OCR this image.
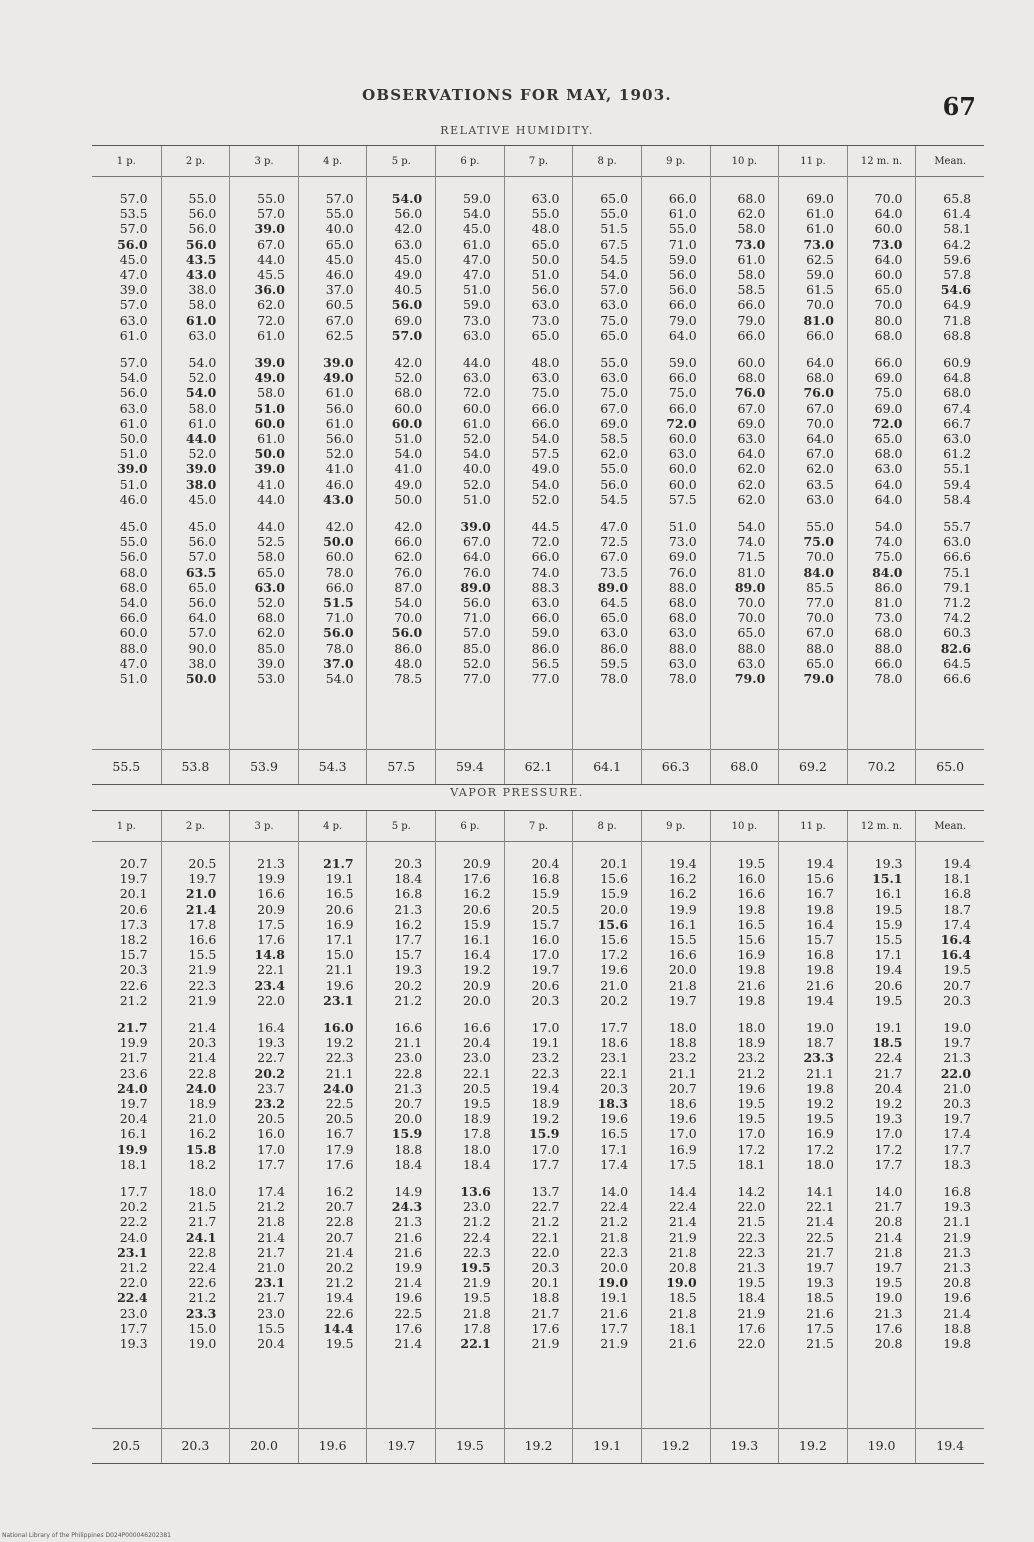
OBSERVATIONS FOR MAY, 1903.	67
RELATIVE HUMIDITY.
1 p.
57.0
53.5
57.0
56.0
45.0
47.0
39.0
57.0
63.0
61.0
57.0
54.0
56.0
63.0
61.0
50.0
51.0
39.0
51.0
46.0
45.0
55.0
56.0
68.0
68.0
54.0
66.0
60.0
88.0
47.0
51.0
55.5
2 p.
55.0
56.0
56.0
56.0
43.5
43.0
38.0
58.0
61.0
63.0
54.0
52.0
54.0
58.0
61.0
44.0
52.0
39.0
38.0
45.0
45.0
56.0
57.0
63.5
65.0
56.0
64.0
57.0
90.0
38.0
50.0
53.8
3 p.
55.0
57.0
39.0
67.0
44.0
45.5
36.0
62.0
72.0
61.0
39.0
49.0
58.0
51.0
60.0
61.0
50.0
39.0
41.0
44.0
44.0
52.5
58.0
65.0
63.0
52.0
68.0
62.0
85.0
39.0
53.0
53.9
4 p.
57.0
55.0
40.0
65.0
45.0
46.0
37.0
60.5
67.0
62.5
39.0
49.0
61.0
56.0
61.0
56.0
52.0
41.0
46.0
43.0
42.0
50.0
60.0
78.0
66.0
51.5
71.0
56.0
78.0
37.0
54.0
54.3
5 p.
54.0
56.0
42.0
63.0
45.0
49.0
40.5
56.0
69.0
57.0
42.0
52.0
68.0
60.0
60.0
51.0
54.0
41.0
49.0
50.0
42.0
66.0
62.0
76.0
87.0
54.0
70.0
56.0
86.0
48.0
78.5
57.5
6 p.
59.0
54.0
45.0
61.0
47.0
47.0
51.0
59.0
73.0
63.0
44.0
63.0
72.0
60.0
61.0
52.0
54.0
40.0
52.0
51.0
39.0
67.0
64.0
76.0
89.0
56.0
71.0
57.0
85.0
52.0
77.0
59.4
7 p.
63.0
55.0
48.0
65.0
50.0
51.0
56.0
63.0
73.0
65.0
48.0
63.0
75.0
66.0
66.0
54.0
57.5
49.0
54.0
52.0
44.5
72.0
66.0
74.0
88.3
63.0
66.0
59.0
86.0
56.5
77.0
62.1
8 p.
65.0
55.0
51.5
67.5
54.5
54.0
57.0
63.0
75.0
65.0
55.0
63.0
75.0
67.0
69.0
58.5
62.0
55.0
56.0
54.5
47.0
72.5
67.0
73.5
89.0
64.5
65.0
63.0
86.0
59.5
78.0
64.1
9 p.
66.0
61.0
55.0
71.0
59.0
56.0
56.0
66.0
79.0
64.0
59.0
66.0
75.0
66.0
72.0
60.0
63.0
60.0
60.0
57.5
51.0
73.0
69.0
76.0
88.0
68.0
68.0
63.0
88.0
63.0
78.0
66.3
10 p.
68.0
62.0
58.0
73.0
61.0
58.0
58.5
66.0
79.0
66.0
60.0
68.0
76.0
67.0
69.0
63.0
64.0
62.0
62.0
62.0
54.0
74.0
71.5
81.0
89.0
70.0
70.0
65.0
88.0
63.0
79.0
68.0
11 p.
69.0
61.0
61.0
73.0
62.5
59.0
61.5
70.0
81.0
66.0
64.0
68.0
76.0
67.0
70.0
64.0
67.0
62.0
63.5
63.0
55.0
75.0
70.0
84.0
85.5
77.0
70.0
67.0
88.0
65.0
79.0
69.2
12 m. n.
70.0
64.0
60.0
73.0
64.0
60.0
65.0
70.0
80.0
68.0
66.0
69.0
75.0
69.0
72.0
65.0
68.0
63.0
64.0
64.0
54.0
74.0
75.0
84.0
86.0
81.0
73.0
68.0
88.0
66.0
78.0
70.2
Mean.
65.8
61.4
58.1
64.2
59.6
57.8
54.6
64.9
71.8
68.8
60.9
64.8
68.0
67.4
66.7
63.0
61.2
55.1
59.4
58.4
55.7
63.0
66.6
75.1
79.1
71.2
74.2
60.3
82.6
64.5
66.6
65.0
VAPOR PRESSURE.
1 p.
20.7
19.7
20.1
20.6
17.3
18.2
15.7
20.3
22.6
21.2
21.7
19.9
21.7
23.6
24.0
19.7
20.4
16.1
19.9
18.1
17.7
20.2
22.2
24.0
23.1
21.2
22.0
22.4
23.0
17.7
19.3
20.5
2 p.
20.5
19.7
21.0
21.4
17.8
16.6
15.5
21.9
22.3
21.9
21.4
20.3
21.4
22.8
24.0
18.9
21.0
16.2
15.8
18.2
18.0
21.5
21.7
24.1
22.8
22.4
22.6
21.2
23.3
15.0
19.0
20.3
3 p.
21.3
19.9
16.6
20.9
17.5
17.6
14.8
22.1
23.4
22.0
16.4
19.3
22.7
20.2
23.7
23.2
20.5
16.0
17.0
17.7
17.4
21.2
21.8
21.4
21.7
21.0
23.1
21.7
23.0
15.5
20.4
20.0
4 p.
21.7
19.1
16.5
20.6
16.9
17.1
15.0
21.1
19.6
23.1
16.0
19.2
22.3
21.1
24.0
22.5
20.5
16.7
17.9
17.6
16.2
20.7
22.8
20.7
21.4
20.2
21.2
19.4
22.6
14.4
19.5
19.6
5 p.
20.3
18.4
16.8
21.3
16.2
17.7
15.7
19.3
20.2
21.2
16.6
21.1
23.0
22.8
21.3
20.7
20.0
15.9
18.8
18.4
14.9
24.3
21.3
21.6
21.6
19.9
21.4
19.6
22.5
17.6
21.4
19.7
6 p.
20.9
17.6
16.2
20.6
15.9
16.1
16.4
19.2
20.9
20.0
16.6
20.4
23.0
22.1
20.5
19.5
18.9
17.8
18.0
18.4
13.6
23.0
21.2
22.4
22.3
19.5
21.9
19.5
21.8
17.8
22.1
19.5
7 p.
20.4
16.8
15.9
20.5
15.7
16.0
17.0
19.7
20.6
20.3
17.0
19.1
23.2
22.3
19.4
18.9
19.2
15.9
17.0
17.7
13.7
22.7
21.2
22.1
22.0
20.3
20.1
18.8
21.7
17.6
21.9
19.2
8 p.
20.1
15.6
15.9
20.0
15.6
15.6
17.2
19.6
21.0
20.2
17.7
18.6
23.1
22.1
20.3
18.3
19.6
16.5
17.1
17.4
14.0
22.4
21.2
21.8
22.3
20.0
19.0
19.1
21.6
17.7
21.9
19.1
9 p.
19.4
16.2
16.2
19.9
16.1
15.5
16.6
20.0
21.8
19.7
18.0
18.8
23.2
21.1
20.7
18.6
19.6
17.0
16.9
17.5
14.4
22.4
21.4
21.9
21.8
20.8
19.0
18.5
21.8
18.1
21.6
19.2
10 p.
19.5
16.0
16.6
19.8
16.5
15.6
16.9
19.8
21.6
19.8
18.0
18.9
23.2
21.2
19.6
19.5
19.5
17.0
17.2
18.1
14.2
22.0
21.5
22.3
22.3
21.3
19.5
18.4
21.9
17.6
22.0
19.3
11 p.
19.4
15.6
16.7
19.8
16.4
15.7
16.8
19.8
21.6
19.4
19.0
18.7
23.3
21.1
19.8
19.2
19.5
16.9
17.2
18.0
14.1
22.1
21.4
22.5
21.7
19.7
19.3
18.5
21.6
17.5
21.5
19.2
12 m. n.
19.3
15.1
16.1
19.5
15.9
15.5
17.1
19.4
20.6
19.5
19.1
18.5
22.4
21.7
20.4
19.2
19.3
17.0
17.2
17.7
14.0
21.7
20.8
21.4
21.8
19.7
19.5
19.0
21.3
17.6
20.8
19.0
Mean.
19.4
18.1
16.8
18.7
17.4
16.4
16.4
19.5
20.7
20.3
19.0
19.7
21.3
22.0
21.0
20.3
19.7
17.4
17.7
18.3
16.8
19.3
21.1
21.9
21.3
21.3
20.8
19.6
21.4
18.8
19.8
19.4
National Library of the Philippines D024P000046202381
